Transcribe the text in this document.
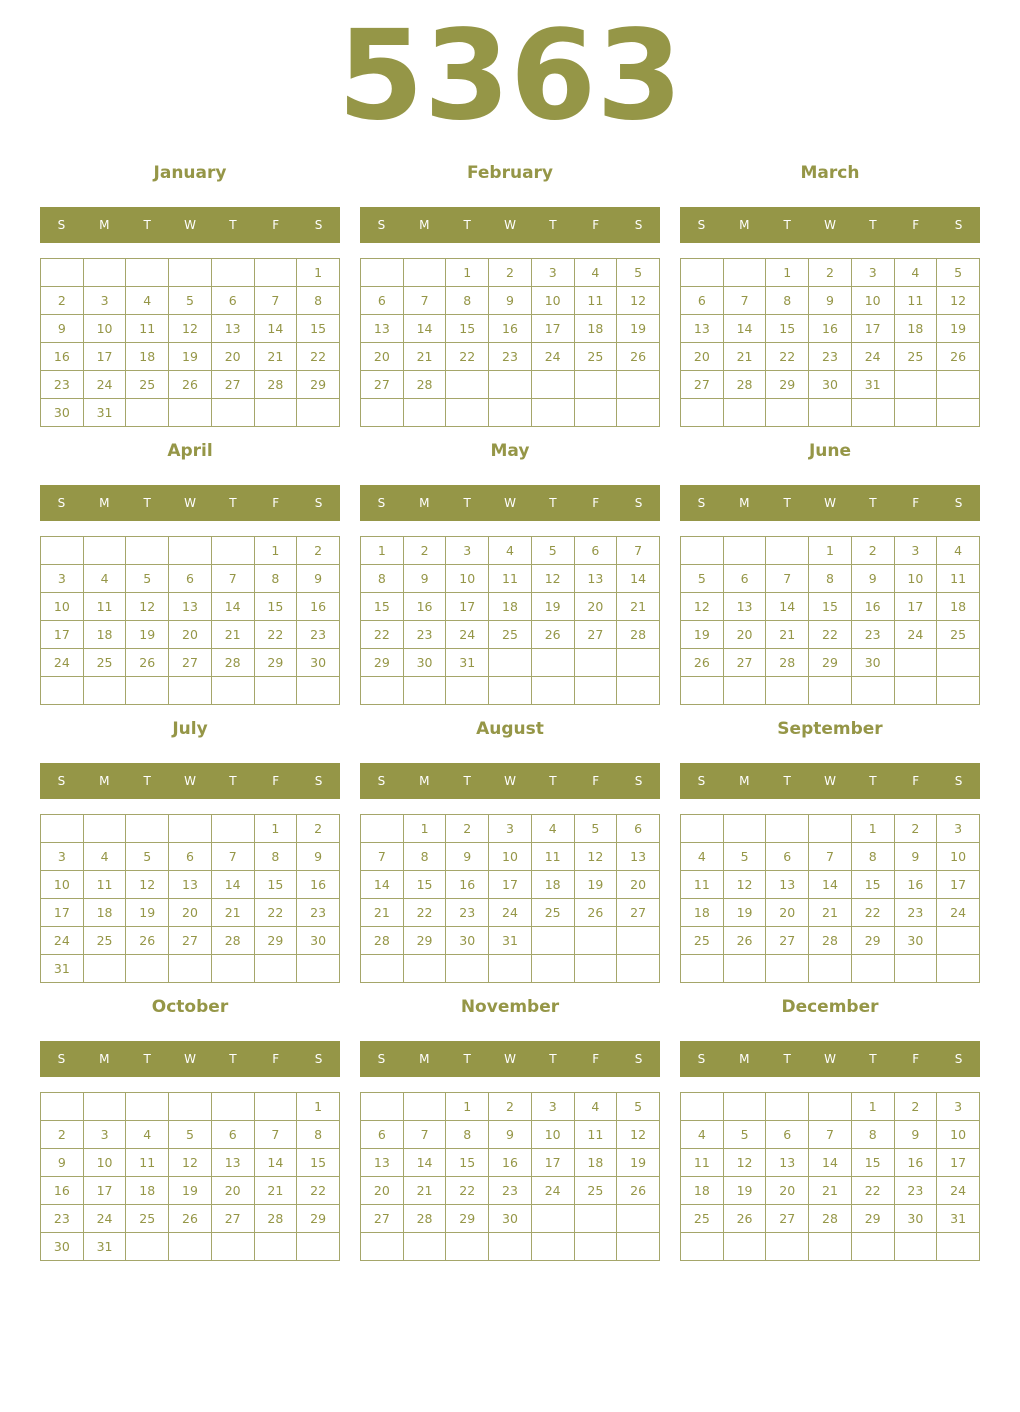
5363
January
S	M	T	W	T	F	S
						1
2	3	4	5	6	7	8
9	10	11	12	13	14	15
16	17	18	19	20	21	22
23	24	25	26	27	28	29
30	31					
February
S	M	T	W	T	F	S
		1	2	3	4	5
6	7	8	9	10	11	12
13	14	15	16	17	18	19
20	21	22	23	24	25	26
27	28					

March
S	M	T	W	T	F	S
		1	2	3	4	5
6	7	8	9	10	11	12
13	14	15	16	17	18	19
20	21	22	23	24	25	26
27	28	29	30	31		

April
S	M	T	W	T	F	S
					1	2
3	4	5	6	7	8	9
10	11	12	13	14	15	16
17	18	19	20	21	22	23
24	25	26	27	28	29	30

May
S	M	T	W	T	F	S
1	2	3	4	5	6	7
8	9	10	11	12	13	14
15	16	17	18	19	20	21
22	23	24	25	26	27	28
29	30	31				

June
S	M	T	W	T	F	S
			1	2	3	4
5	6	7	8	9	10	11
12	13	14	15	16	17	18
19	20	21	22	23	24	25
26	27	28	29	30		

July
S	M	T	W	T	F	S
					1	2
3	4	5	6	7	8	9
10	11	12	13	14	15	16
17	18	19	20	21	22	23
24	25	26	27	28	29	30
31						
August
S	M	T	W	T	F	S
	1	2	3	4	5	6
7	8	9	10	11	12	13
14	15	16	17	18	19	20
21	22	23	24	25	26	27
28	29	30	31			

September
S	M	T	W	T	F	S
				1	2	3
4	5	6	7	8	9	10
11	12	13	14	15	16	17
18	19	20	21	22	23	24
25	26	27	28	29	30	

October
S	M	T	W	T	F	S
						1
2	3	4	5	6	7	8
9	10	11	12	13	14	15
16	17	18	19	20	21	22
23	24	25	26	27	28	29
30	31					
November
S	M	T	W	T	F	S
		1	2	3	4	5
6	7	8	9	10	11	12
13	14	15	16	17	18	19
20	21	22	23	24	25	26
27	28	29	30			

December
S	M	T	W	T	F	S
				1	2	3
4	5	6	7	8	9	10
11	12	13	14	15	16	17
18	19	20	21	22	23	24
25	26	27	28	29	30	31
